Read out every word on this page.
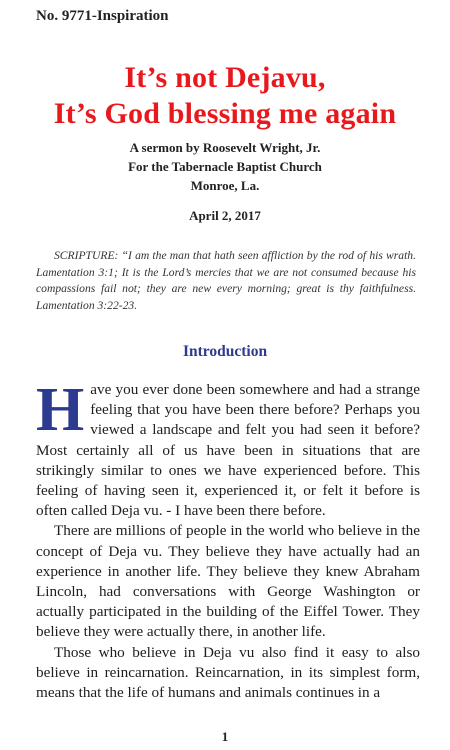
No. 9771-Inspiration
It’s not Dejavu,
It’s God blessing me again
A sermon by Roosevelt Wright, Jr.
For the Tabernacle Baptist Church
Monroe, La.
April 2, 2017
SCRIPTURE: “I am the man that hath seen affliction by the rod of his wrath. Lamentation 3:1; It is the Lord’s mercies that we are not consumed because his compassions fail not; they are new every morning; great is thy faithfulness. Lamentation 3:22-23.
Introduction

Have you ever done been somewhere and had a strange feeling that you have been there before? Perhaps you viewed a landscape and felt you had seen it before? Most certainly all of us have been in situations that are strikingly similar to ones we have experienced before. This feeling of having seen it, experienced it, or felt it before is often called Deja vu. - I have been there before.

There are millions of people in the world who believe in the concept of Deja vu. They believe they have actually had an experience in another life. They believe they knew Abraham Lincoln, had conversations with George Washington or actually participated in the building of the Eiffel Tower. They believe they were actually there, in another life.

Those who believe in Deja vu also find it easy to also believe in reincarnation. Reincarnation, in its simplest form, means that the life of humans and animals continues in a

1
